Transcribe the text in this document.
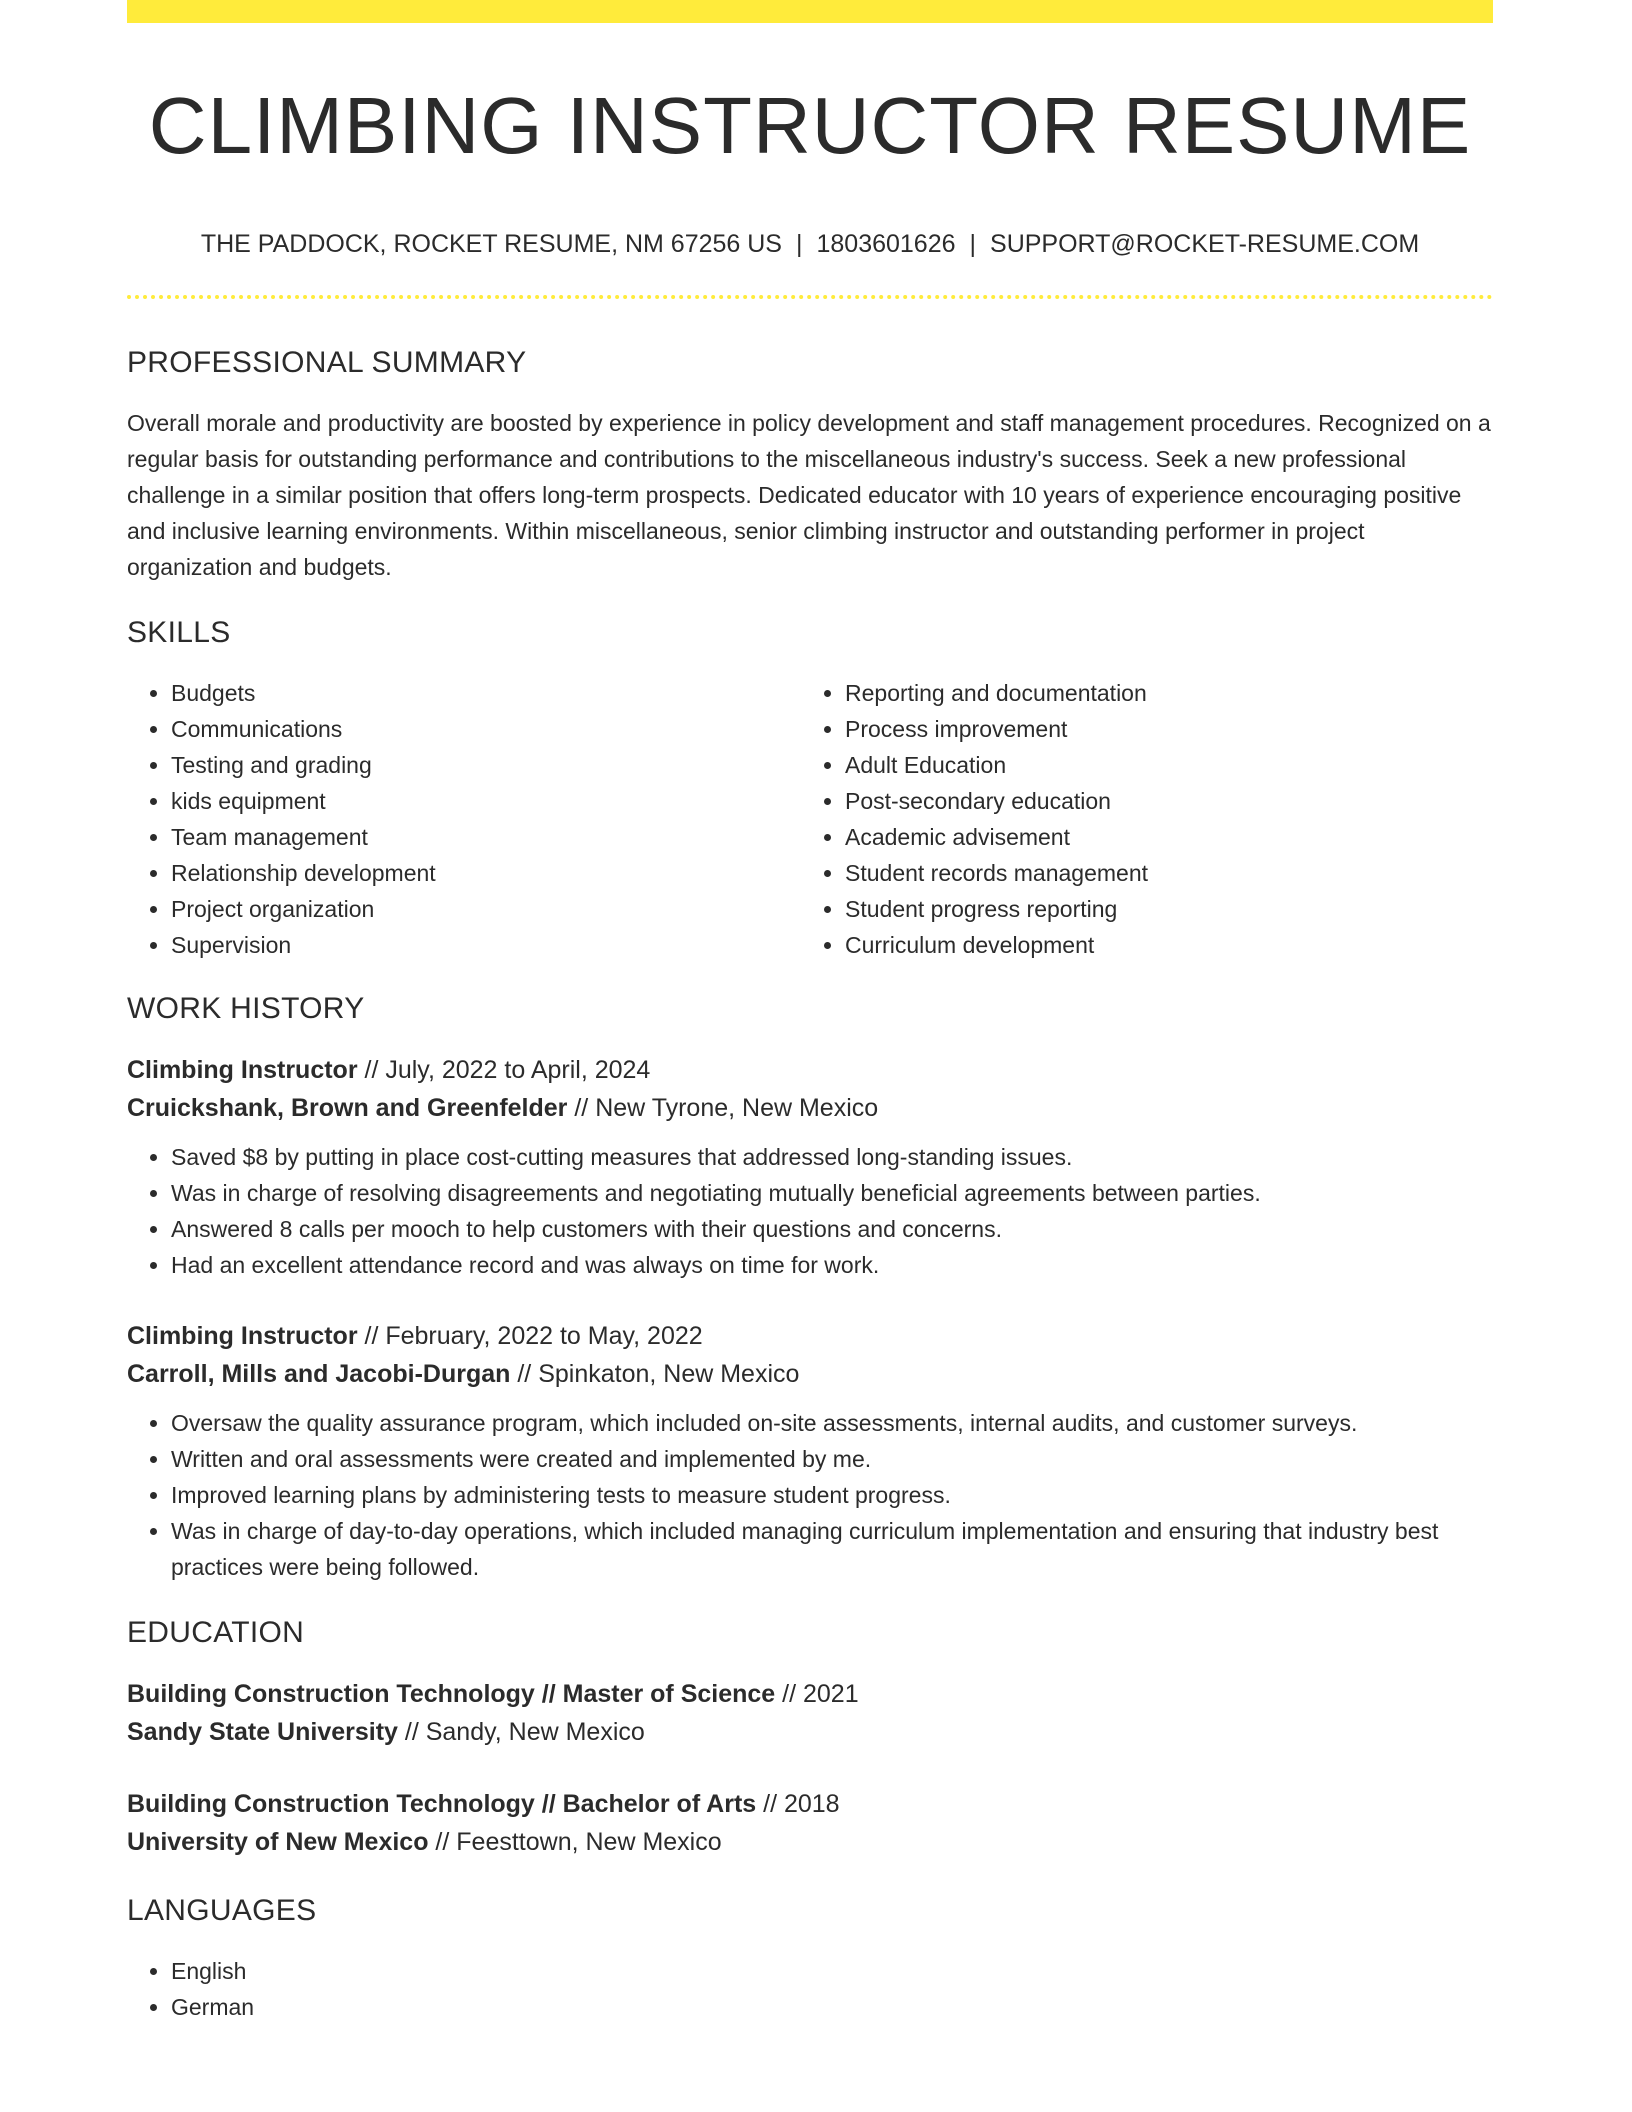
CLIMBING INSTRUCTOR RESUME
THE PADDOCK, ROCKET RESUME, NM 67256 US | 1803601626 | SUPPORT@ROCKET-RESUME.COM
PROFESSIONAL SUMMARY

Overall morale and productivity are boosted by experience in policy development and staff management procedures. Recognized on a regular basis for outstanding performance and contributions to the miscellaneous industry's success. Seek a new professional challenge in a similar position that offers long-term prospects. Dedicated educator with 10 years of experience encouraging positive and inclusive learning environments. Within miscellaneous, senior climbing instructor and outstanding performer in project organization and budgets.

SKILLS
• Budgets
• Communications
• Testing and grading
• kids equipment
• Team management
• Relationship development
• Project organization
• Supervision
• Reporting and documentation
• Process improvement
• Adult Education
• Post-secondary education
• Academic advisement
• Student records management
• Student progress reporting
• Curriculum development
WORK HISTORY
Climbing Instructor // July, 2022 to April, 2024
Cruickshank, Brown and Greenfelder // New Tyrone, New Mexico
• Saved $8 by putting in place cost-cutting measures that addressed long-standing issues.
• Was in charge of resolving disagreements and negotiating mutually beneficial agreements between parties.
• Answered 8 calls per mooch to help customers with their questions and concerns.
• Had an excellent attendance record and was always on time for work.
Climbing Instructor // February, 2022 to May, 2022
Carroll, Mills and Jacobi-Durgan // Spinkaton, New Mexico
• Oversaw the quality assurance program, which included on-site assessments, internal audits, and customer surveys.
• Written and oral assessments were created and implemented by me.
• Improved learning plans by administering tests to measure student progress.
• Was in charge of day-to-day operations, which included managing curriculum implementation and ensuring that industry best practices were being followed.
EDUCATION
Building Construction Technology // Master of Science // 2021
Sandy State University // Sandy, New Mexico
Building Construction Technology // Bachelor of Arts // 2018
University of New Mexico // Feesttown, New Mexico
LANGUAGES
• English
• German
